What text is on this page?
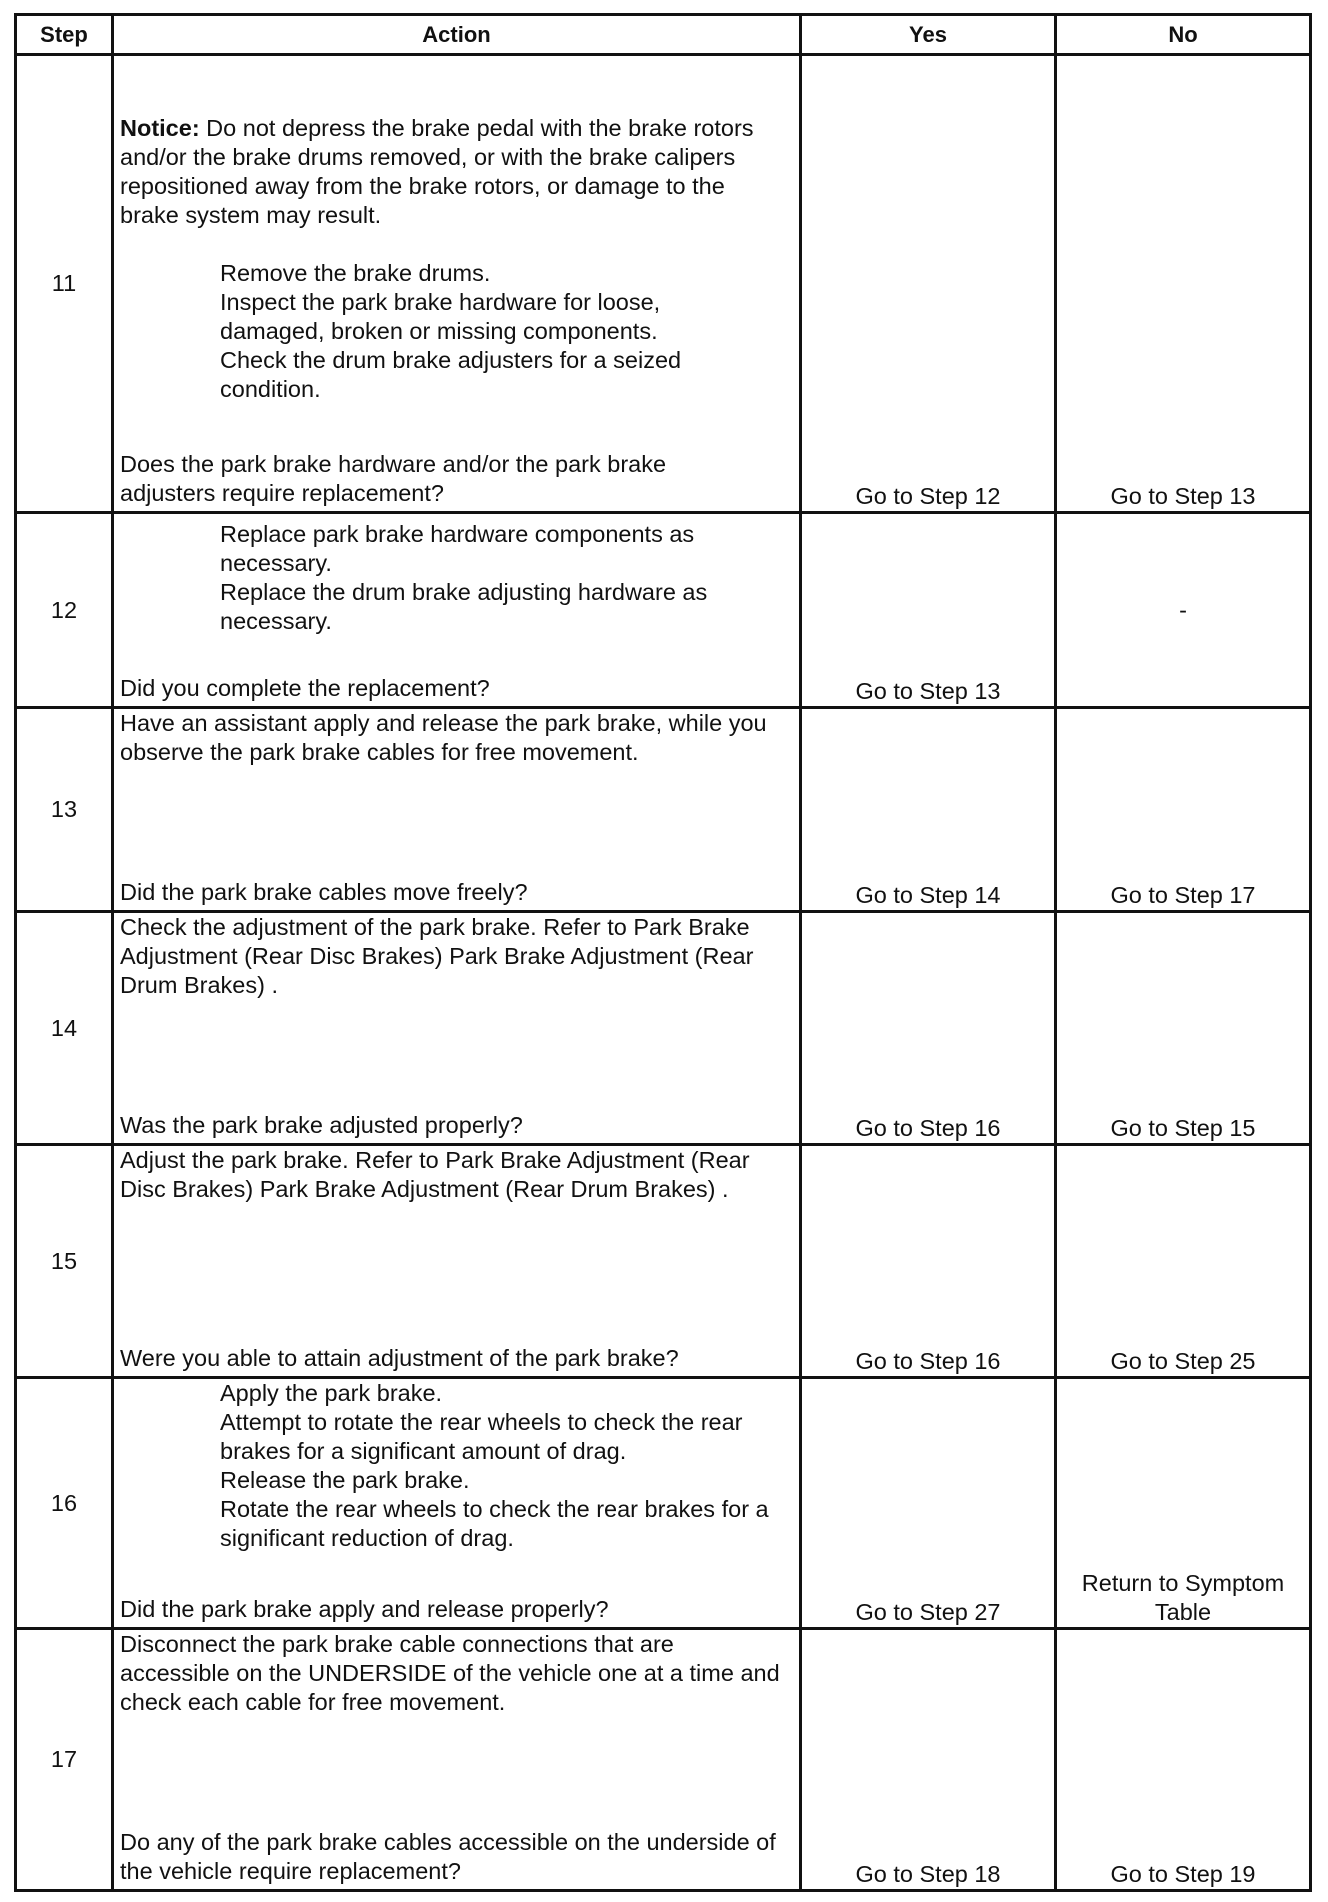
Step	Action	Yes	No
11	Notice: Do not depress the brake pedal with the brake rotors and/or the brake drums removed, or with the brake calipers repositioned away from the brake rotors, or damage to the brake system may result.
Remove the brake drums.
Inspect the park brake hardware for loose, damaged, broken or missing components.
Check the drum brake adjusters for a seized condition.
Does the park brake hardware and/or the park brake adjusters require replacement?	Go to Step 12	Go to Step 13
12	Replace park brake hardware components as necessary.
Replace the drum brake adjusting hardware as necessary.
Did you complete the replacement?	Go to Step 13	-
13	Have an assistant apply and release the park brake, while you observe the park brake cables for free movement.
Did the park brake cables move freely?	Go to Step 14	Go to Step 17
14	Check the adjustment of the park brake. Refer to Park Brake Adjustment (Rear Disc Brakes) Park Brake Adjustment (Rear Drum Brakes) .
Was the park brake adjusted properly?	Go to Step 16	Go to Step 15
15	Adjust the park brake. Refer to Park Brake Adjustment (Rear Disc Brakes) Park Brake Adjustment (Rear Drum Brakes) .
Were you able to attain adjustment of the park brake?	Go to Step 16	Go to Step 25
16	Apply the park brake.
Attempt to rotate the rear wheels to check the rear brakes for a significant amount of drag.
Release the park brake.
Rotate the rear wheels to check the rear brakes for a significant reduction of drag.
Did the park brake apply and release properly?	Go to Step 27	Return to Symptom Table
17	Disconnect the park brake cable connections that are accessible on the UNDERSIDE of the vehicle one at a time and check each cable for free movement.
Do any of the park brake cables accessible on the underside of the vehicle require replacement?	Go to Step 18	Go to Step 19
